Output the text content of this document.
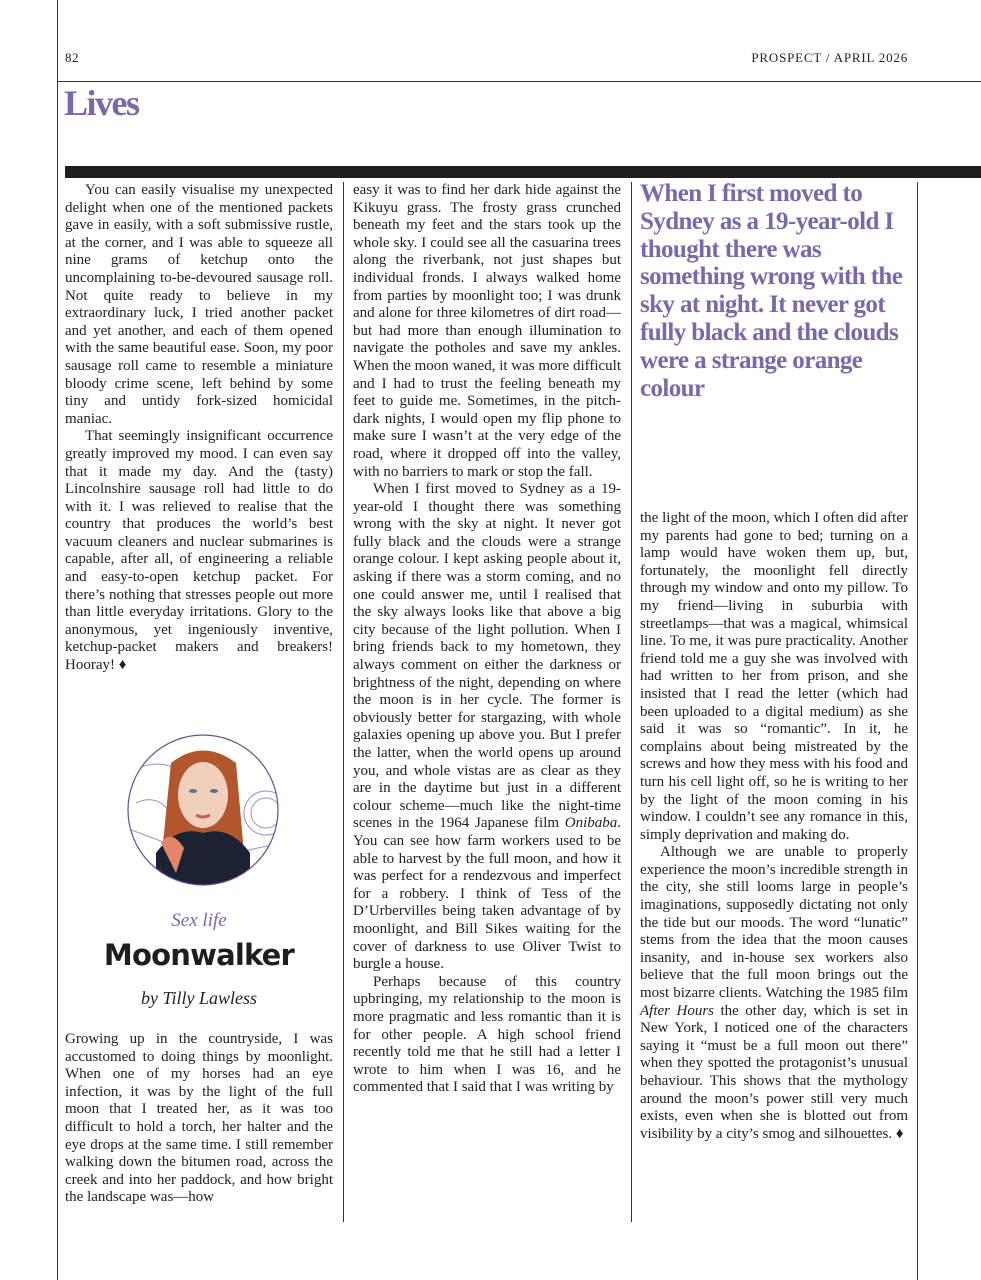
82	PROSPECT / APRIL 2026
Lives

You can easily visualise my unexpected delight when one of the mentioned packets gave in easily, with a soft submissive rustle, at the corner, and I was able to squeeze all nine grams of ketchup onto the uncomplaining to-be-devoured sausage roll. Not quite ready to believe in my extraordinary luck, I tried another packet and yet another, and each of them opened with the same beautiful ease. Soon, my poor sausage roll came to resemble a miniature bloody crime scene, left behind by some tiny and untidy fork-sized homicidal maniac.

That seemingly insignificant occurrence greatly improved my mood. I can even say that it made my day. And the (tasty) Lincolnshire sausage roll had little to do with it. I was relieved to realise that the country that produces the world’s best vacuum cleaners and nuclear submarines is capable, after all, of engineering a reliable and easy-to-open ketchup packet. For there’s nothing that stresses people out more than little everyday irritations. Glory to the anonymous, yet ingeniously inventive, ketchup-packet makers and breakers! Hooray! ♦

Sex life
Moonwalker
by Tilly Lawless

Growing up in the countryside, I was accustomed to doing things by moonlight. When one of my horses had an eye infection, it was by the light of the full moon that I treated her, as it was too difficult to hold a torch, her halter and the eye drops at the same time. I still remember walking down the bitumen road, across the creek and into her paddock, and how bright the landscape was—how

easy it was to find her dark hide against the Kikuyu grass. The frosty grass crunched beneath my feet and the stars took up the whole sky. I could see all the casuarina trees along the riverbank, not just shapes but individual fronds. I always walked home from parties by moonlight too; I was drunk and alone for three kilometres of dirt road—but had more than enough illumination to navigate the potholes and save my ankles. When the moon waned, it was more difficult and I had to trust the feeling beneath my feet to guide me. Sometimes, in the pitch-dark nights, I would open my flip phone to make sure I wasn’t at the very edge of the road, where it dropped off into the valley, with no barriers to mark or stop the fall.

When I first moved to Sydney as a 19-year-old I thought there was something wrong with the sky at night. It never got fully black and the clouds were a strange orange colour. I kept asking people about it, asking if there was a storm coming, and no one could answer me, until I realised that the sky always looks like that above a big city because of the light pollution. When I bring friends back to my hometown, they always comment on either the darkness or brightness of the night, depending on where the moon is in her cycle. The former is obviously better for stargazing, with whole galaxies opening up above you. But I prefer the latter, when the world opens up around you, and whole vistas are as clear as they are in the daytime but just in a different colour scheme—much like the night-time scenes in the 1964 Japanese film Onibaba. You can see how farm workers used to be able to harvest by the full moon, and how it was perfect for a rendezvous and imperfect for a robbery. I think of Tess of the D’Urbervilles being taken advantage of by moonlight, and Bill Sikes waiting for the cover of darkness to use Oliver Twist to burgle a house.

Perhaps because of this country upbringing, my relationship to the moon is more pragmatic and less romantic than it is for other people. A high school friend recently told me that he still had a letter I wrote to him when I was 16, and he commented that I said that I was writing by

When I first moved to Sydney as a 19-year-old I thought there was something wrong with the sky at night. It never got fully black and the clouds were a strange orange colour

the light of the moon, which I often did after my parents had gone to bed; turning on a lamp would have woken them up, but, fortunately, the moonlight fell directly through my window and onto my pillow. To my friend—living in suburbia with streetlamps—that was a magical, whimsical line. To me, it was pure practicality. Another friend told me a guy she was involved with had written to her from prison, and she insisted that I read the letter (which had been uploaded to a digital medium) as she said it was so “romantic”. In it, he complains about being mistreated by the screws and how they mess with his food and turn his cell light off, so he is writing to her by the light of the moon coming in his window. I couldn’t see any romance in this, simply deprivation and making do.

Although we are unable to properly experience the moon’s incredible strength in the city, she still looms large in people’s imaginations, supposedly dictating not only the tide but our moods. The word “lunatic” stems from the idea that the moon causes insanity, and in-house sex workers also believe that the full moon brings out the most bizarre clients. Watching the 1985 film After Hours the other day, which is set in New York, I noticed one of the characters saying it “must be a full moon out there” when they spotted the protagonist’s unusual behaviour. This shows that the mythology around the moon’s power still very much exists, even when she is blotted out from visibility by a city’s smog and silhouettes. ♦
